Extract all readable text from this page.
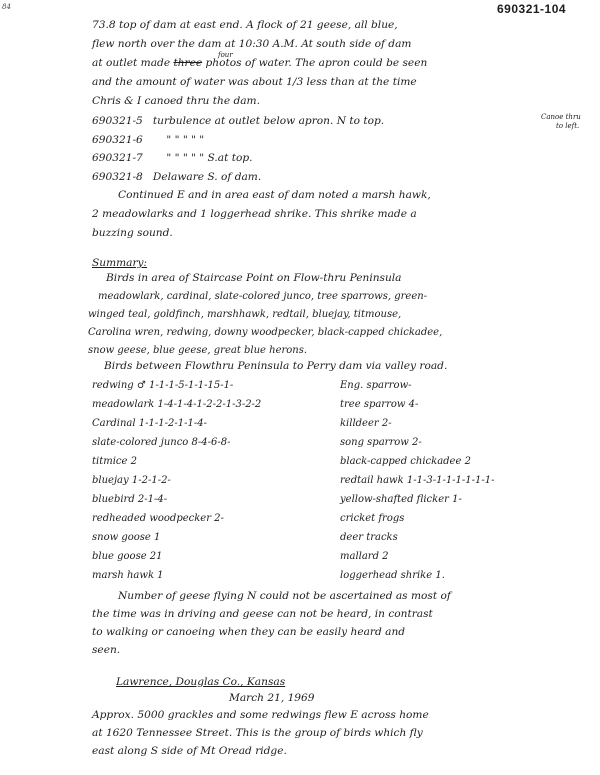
84	690321-104
73.8 top of dam at east end. A flock of 21 geese, all blue,
flew north over the dam at 10:30 A.M. At south side of dam
four
at outlet made three photos of water. The apron could be seen
and the amount of water was about 1/3 less than at the time
Chris & I canoed thru the dam.
690321-5 turbulence at outlet below apron. N to top.	Canoe thru
to left.
690321-6 " " " " "
690321-7 " " " " " S.at top.
690321-8 Delaware S. of dam.
Continued E and in area east of dam noted a marsh hawk,
2 meadowlarks and 1 loggerhead shrike. This shrike made a
buzzing sound.
Summary:
Birds in area of Staircase Point on Flow-thru Peninsula
meadowlark, cardinal, slate-colored junco, tree sparrows, green-
winged teal, goldfinch, marshhawk, redtail, bluejay, titmouse,
Carolina wren, redwing, downy woodpecker, black-capped chickadee,
snow geese, blue geese, great blue herons.
Birds between Flowthru Peninsula to Perry dam via valley road.
redwing ♂ 1-1-1-5-1-1-15-1-
meadowlark 1-4-1-4-1-2-2-1-3-2-2
Cardinal 1-1-1-2-1-1-4-
slate-colored junco 8-4-6-8-
titmice 2
bluejay 1-2-1-2-
bluebird 2-1-4-
redheaded woodpecker 2-
snow goose 1
blue goose 21
marsh hawk 1
Eng. sparrow-
tree sparrow 4-
killdeer 2-
song sparrow 2-
black-capped chickadee 2
redtail hawk 1-1-3-1-1-1-1-1-1-
yellow-shafted flicker 1-
cricket frogs
deer tracks
mallard 2
loggerhead shrike 1.
Number of geese flying N could not be ascertained as most of
the time was in driving and geese can not be heard, in contrast
to walking or canoeing when they can be easily heard and
seen.
Lawrence, Douglas Co., Kansas
March 21, 1969
Approx. 5000 grackles and some redwings flew E across home
at 1620 Tennessee Street. This is the group of birds which fly
east along S side of Mt Oread ridge.
